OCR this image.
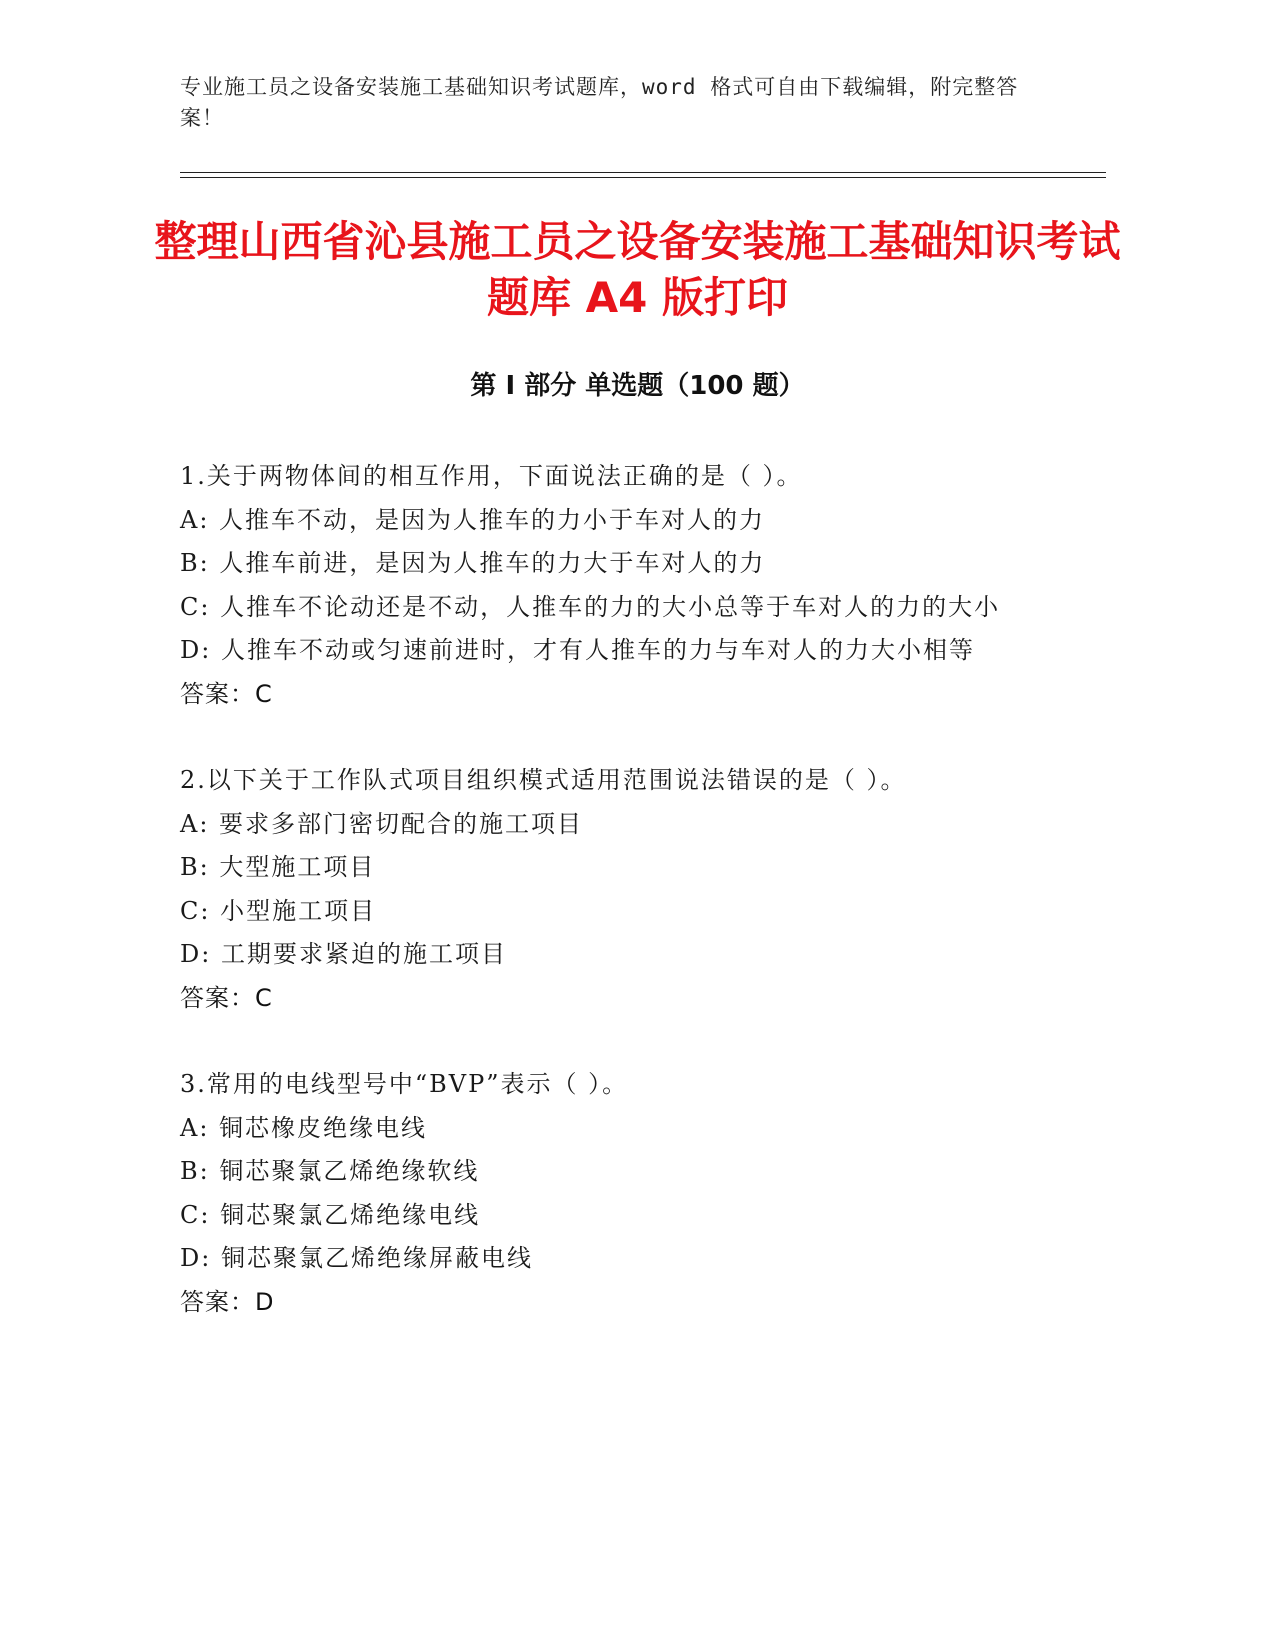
专业施工员之设备安装施工基础知识考试题库，word 格式可自由下载编辑，附完整答案！
整理山西省沁县施工员之设备安装施工基础知识考试题库 A4 版打印
第 I 部分 单选题（100 题）
1.关于两物体间的相互作用，下面说法正确的是（ ）。
A: 人推车不动，是因为人推车的力小于车对人的力
B: 人推车前进，是因为人推车的力大于车对人的力
C: 人推车不论动还是不动，人推车的力的大小总等于车对人的力的大小
D: 人推车不动或匀速前进时，才有人推车的力与车对人的力大小相等
答案：C
2.以下关于工作队式项目组织模式适用范围说法错误的是（ ）。
A: 要求多部门密切配合的施工项目
B: 大型施工项目
C: 小型施工项目
D: 工期要求紧迫的施工项目
答案：C
3.常用的电线型号中“BVP”表示（ ）。
A: 铜芯橡皮绝缘电线
B: 铜芯聚氯乙烯绝缘软线
C: 铜芯聚氯乙烯绝缘电线
D: 铜芯聚氯乙烯绝缘屏蔽电线
答案：D
